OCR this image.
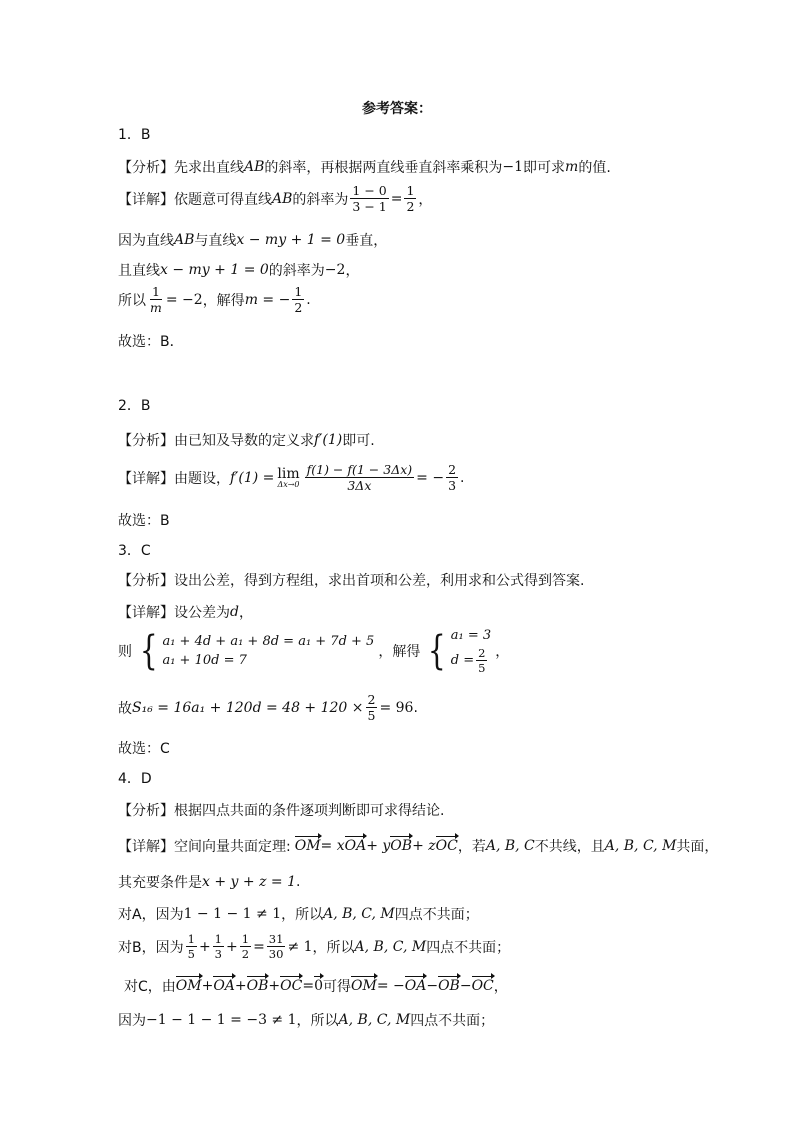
参考答案：
1．B
【分析】 先求出直线 AB 的斜率，再根据两直线垂直斜率乘积为 −1 即可求 m 的值.
【详解】 依题意可得直线 AB 的斜率为 $\frac{1 - 0}{3 - 1} = \frac{1}{2}$ ，
因为直线 AB 与直线 x − my + 1 = 0 垂直，
且直线 x − my + 1 = 0 的斜率为 −2 ，
所以 $\frac{1}{m} = -2$ ，解得 m = − $\frac{1}{2}$ .
故选：B．
2．B
【分析】 由已知及导数的定义求 f′(1) 即可.
【详解】 由题设， f′(1) = lim
$\Delta x\to 0 \frac{f(1) - f(1 - 3\Delta x)}{3\Delta x}$ = − $\frac{2}{3}$ .
故选：B
3．C
【分析】 设出公差，得到方程组，求出首项和公差，利用求和公式得到答案.
【详解】 设公差为 d ，
则 { a₁ + 4d + a₁ + 8d = a₁ + 7d + 5
a₁ + 10d = 7
，解得 { a₁ = 3
$d = \frac{2}{5}$ ，
故 $S_{16} = 16a_1 + 120d = 48 + 120 \times \frac{2}{5} = 96$ .
故选：C
4．D
【分析】 根据四点共面的条件逐项判断即可求得结论.
【详解】 空间向量共面定理: OM = x OA + y OB + z OC ，若 A, B, C 不共线，且 A, B, C, M 共面，
其充要条件是 x + y + z = 1 .
对A，因为 1 − 1 − 1 ≠ 1 ，所以 A, B, C, M 四点不共面；
对B，因为 $\frac{1}{5} + \frac{1}{3} + \frac{1}{2} = \frac{31}{30} \ne 1$ ，所以 A, B, C, M 四点不共面；
对C，由 OM + OA + OB + OC = 0 可得 OM = − OA − OB − OC ，
因为 −1 − 1 − 1 = −3 ≠ 1 ，所以 A, B, C, M 四点不共面；
